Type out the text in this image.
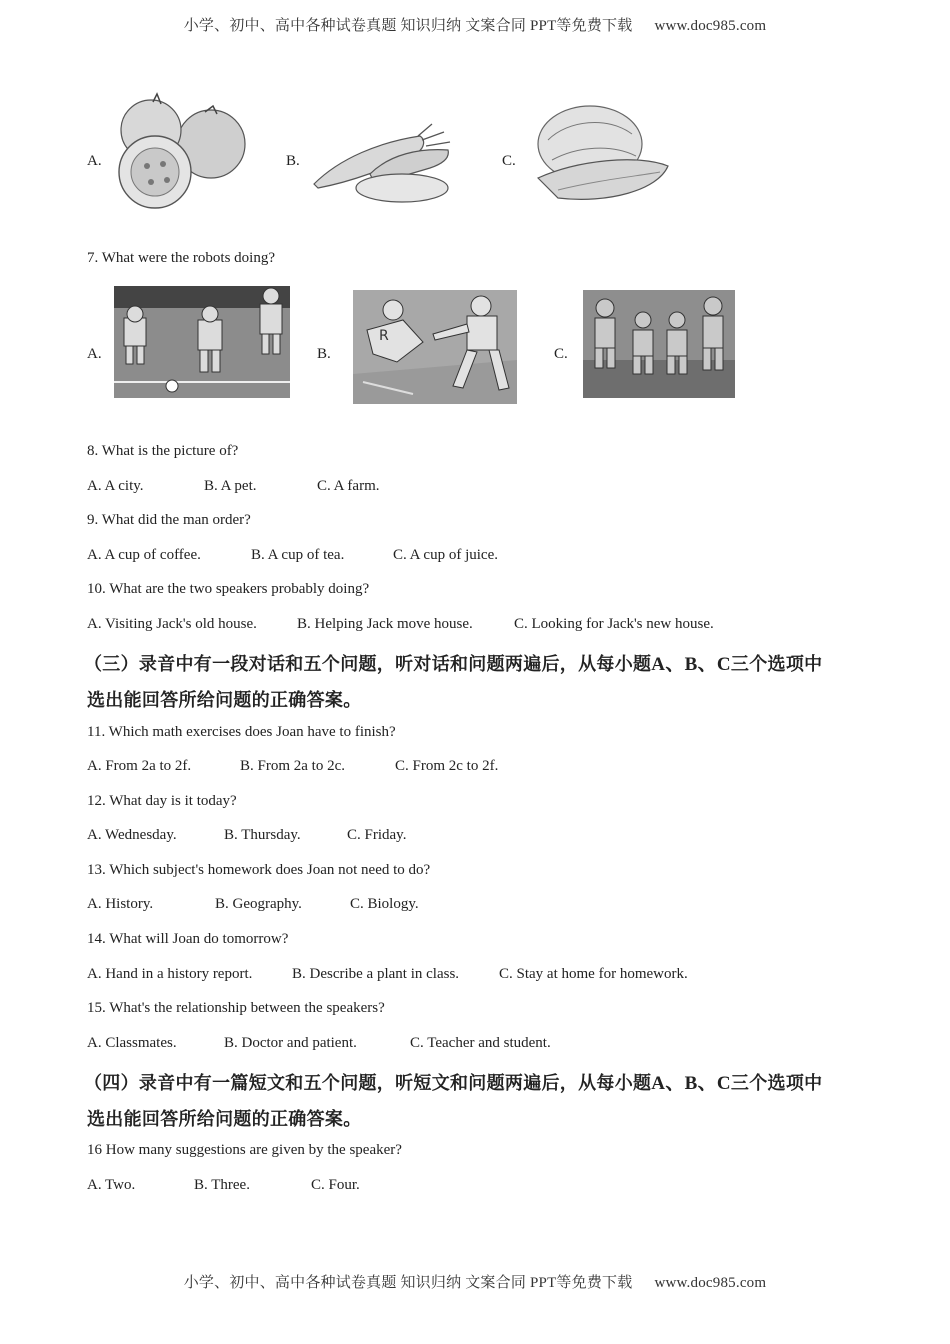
小学、初中、高中各种试卷真题 知识归纳 文案合同 PPT等免费下载 www.doc985.com
A.	B.	C.
7. What were the robots doing?
A.	B.
R
C.
8. What is the picture of?
A. A city.	B. A pet.	C. A farm.
9. What did the man order?
A. A cup of coffee.	B. A cup of tea.	C. A cup of juice.
10. What are the two speakers probably doing?
A. Visiting Jack's old house.	B. Helping Jack move house.	C. Looking for Jack's new house.
（三）录音中有一段对话和五个问题，听对话和问题两遍后，从每小题A、B、C三个选项中
选出能回答所给问题的正确答案。
11. Which math exercises does Joan have to finish?
A. From 2a to 2f.	B. From 2a to 2c.	C. From 2c to 2f.
12. What day is it today?
A. Wednesday.	B. Thursday.	C. Friday.
13. Which subject's homework does Joan not need to do?
A. History.	B. Geography.	C. Biology.
14. What will Joan do tomorrow?
A. Hand in a history report.	B. Describe a plant in class.	C. Stay at home for homework.
15. What's the relationship between the speakers?
A. Classmates.	B. Doctor and patient.	C. Teacher and student.
（四）录音中有一篇短文和五个问题，听短文和问题两遍后，从每小题A、B、C三个选项中
选出能回答所给问题的正确答案。
16 How many suggestions are given by the speaker?
A. Two.	B. Three.	C. Four.
小学、初中、高中各种试卷真题 知识归纳 文案合同 PPT等免费下载 www.doc985.com
